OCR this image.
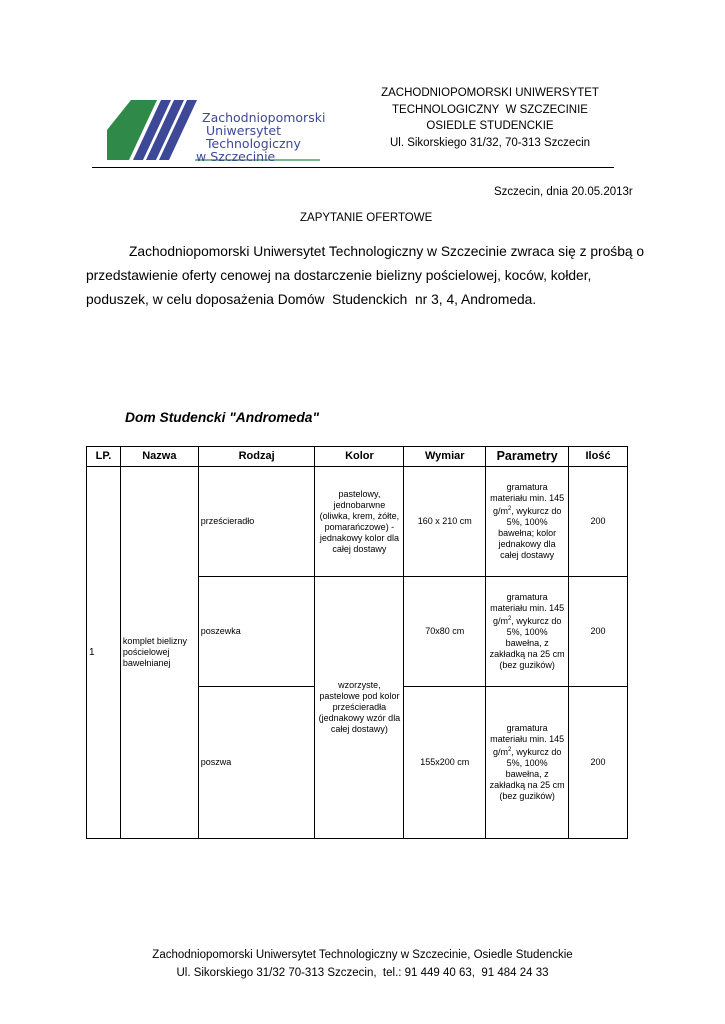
Zachodniopomorski
Uniwersytet
Technologiczny
w Szczecinie
ZACHODNIOPOMORSKI UNIWERSYTET
TECHNOLOGICZNY  W SZCZECINIE
OSIEDLE STUDENCKIE
Ul. Sikorskiego 31/32, 70-313 Szczecin
Szczecin, dnia 20.05.2013r
ZAPYTANIE OFERTOWE

Zachodniopomorski Uniwersytet Technologiczny w Szczecinie zwraca się z prośbą o przedstawienie oferty cenowej na dostarczenie bielizny pościelowej, koców, kołder, poduszek, w celu doposażenia Domów  Studenckich  nr 3, 4, Andromeda.

Dom Studencki "Andromeda"
LP.	Nazwa	Rodzaj	Kolor	Wymiar	Parametry	Ilość
1	komplet bielizny pościelowej bawełnianej	prześcieradło	pastelowy, jednobarwne (oliwka, krem, żółte, pomarańczowe) - jednakowy kolor dla całej dostawy	160 x 210 cm	gramatura materiału min. 145 $g/m^2$, wykurcz do 5%, 100% bawełna; kolor jednakowy dla całej dostawy	200
		poszewka	wzorzyste, pastelowe pod kolor prześcieradła (jednakowy wzór dla całej dostawy)	70x80 cm	gramatura materiału min. 145 $g/m^2$, wykurcz do 5%, 100% bawełna, z zakładką na 25 cm (bez guzików)	200
		poszwa		155x200 cm	gramatura materiału min. 145 $g/m^2$, wykurcz do 5%, 100% bawełna, z zakładką na 25 cm (bez guzików)	200
Zachodniopomorski Uniwersytet Technologiczny w Szczecinie, Osiedle Studenckie
Ul. Sikorskiego 31/32 70-313 Szczecin,  tel.: 91 449 40 63,  91 484 24 33
